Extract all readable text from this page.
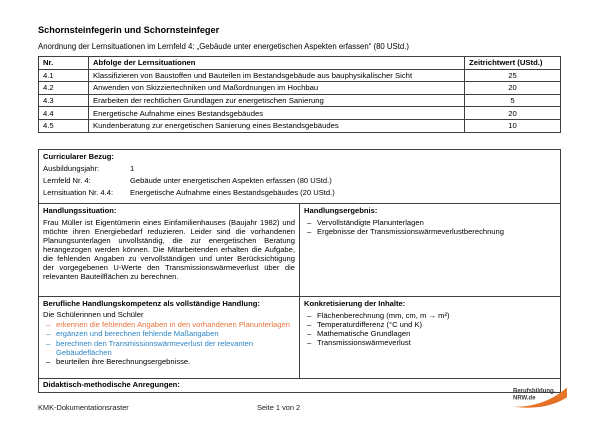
Schornsteinfegerin und Schornsteinfeger
Anordnung der Lernsituationen im Lernfeld 4: „Gebäude unter energetischen Aspekten erfassen“ (80 UStd.)
Nr.	Abfolge der Lernsituationen	Zeitrichtwert (UStd.)
4.1	Klassifizieren von Baustoffen und Bauteilen im Bestandsgebäude aus bauphysikalischer Sicht	25
4.2	Anwenden von Skizziertechniken und Maßordnungen im Hochbau	20
4.3	Erarbeiten der rechtlichen Grundlagen zur energetischen Sanierung	5
4.4	Energetische Aufnahme eines Bestandsgebäudes	20
4.5	Kundenberatung zur energetischen Sanierung eines Bestandsgebäudes	10
Curricularer Bezug:
Ausbildungsjahr:	1
Lernfeld Nr. 4:	Gebäude unter energetischen Aspekten erfassen (80 UStd.)
Lernsituation Nr. 4.4:	Energetische Aufnahme eines Bestandsgebäudes (20 UStd.)

Handlungssituation:
Frau Müller ist Eigentümerin eines Einfamilienhauses (Baujahr 1982) und möchte ihren Energiebedarf reduzieren. Leider sind die vorhandenen Planungsunterlagen unvollständig, die zur energetischen Beratung herangezogen werden können. Die Mitarbeitenden erhalten die Aufgabe, die fehlenden Angaben zu vervollständigen und unter Berücksichtigung der vorgegebenen U-Werte den Transmissionswärmeverlust über die relevanten Bauteilflächen zu berechnen.

Handlungsergebnis:
– Vervollständigte Planunterlagen
– Ergebnisse der Transmissionswärmeverlustberechnung

Berufliche Handlungskompetenz als vollständige Handlung:
Die Schülerinnen und Schüler
– erkennen die fehlenden Angaben in den vorhandenen Planunterlagen
– ergänzen und berechnen fehlende Maßangaben
– berechnen den Transmissionswärmeverlust der relevanten Gebäudeflächen
– beurteilen ihre Berechnungsergebnisse.

Konkretisierung der Inhalte:
– Flächenberechnung (mm, cm, m → m²)
– Temperaturdifferenz (°C und K)
– Mathematische Grundlagen
– Transmissionswärmeverlust

Didaktisch-methodische Anregungen:	
KMK-Dokumentationsraster	Seite 1 von 2
Berufsbildung.
NRW.de
